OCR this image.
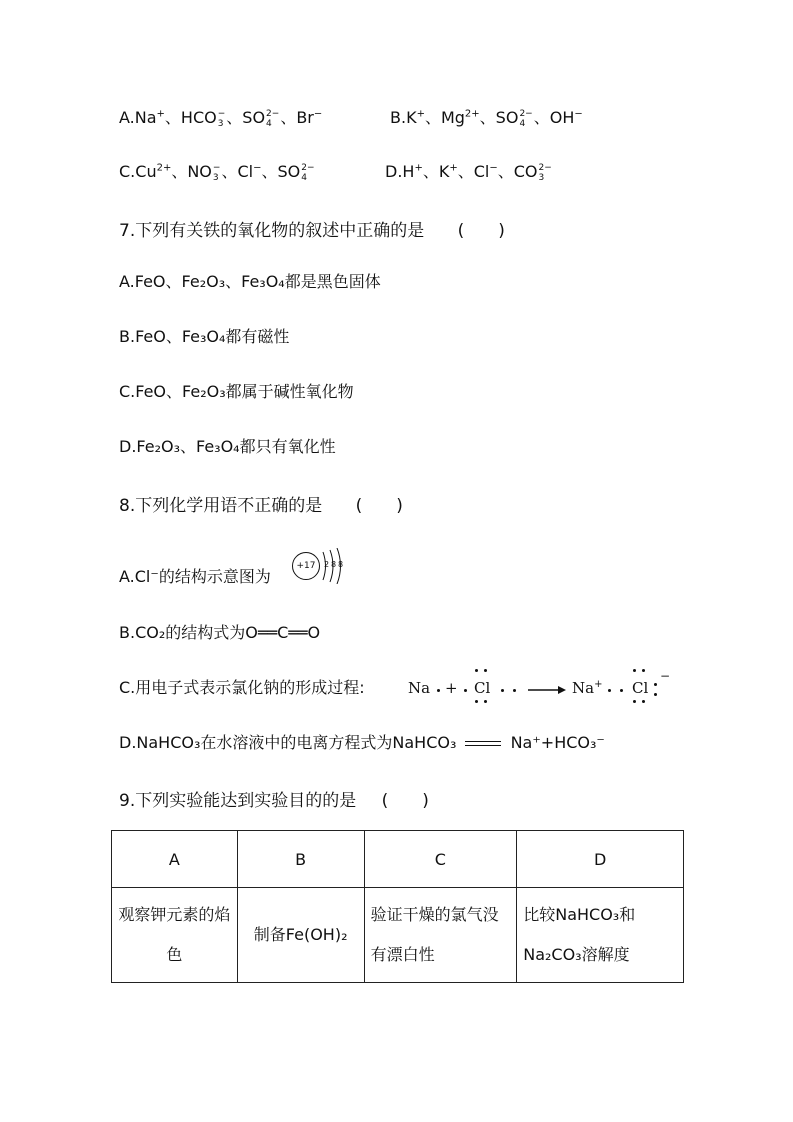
A.Na+、HCO −
3 、SO 2−
4 、Br−	B.K+、$Mg^{2+}$、SO 2−
4 、OH−
$C.Cu^{2+}$、NO −
3 、Cl−、SO 2−
4	D.H+、K+、Cl−、CO 2−
3
7.下列有关铁的氧化物的叙述中正确的是 (　　)
A.FeO、Fe₂O₃、Fe₃O₄都是黑色固体
B.FeO、Fe₃O₄都有磁性
C.FeO、Fe₂O₃都属于碱性氧化物
D.Fe₂O₃、Fe₃O₄都只有氧化性
8.下列化学用语不正确的是 (　　)
A.Cl⁻的结构示意图为
+17 2 8 8
B.CO₂的结构式为O══C══O
C.用电子式表示氯化钠的形成过程:	Na + Cl	→ Na+ Cl
−
D.NaHCO₃在水溶液中的电离方程式为NaHCO₃	Na⁺+HCO₃⁻
9.下列实验能达到实验目的的是 (　　)
A	B	C	D
观察钾元素的焰色	制备Fe(OH)₂	验证干燥的氯气没有漂白性	比较NaHCO₃和Na₂CO₃溶解度
